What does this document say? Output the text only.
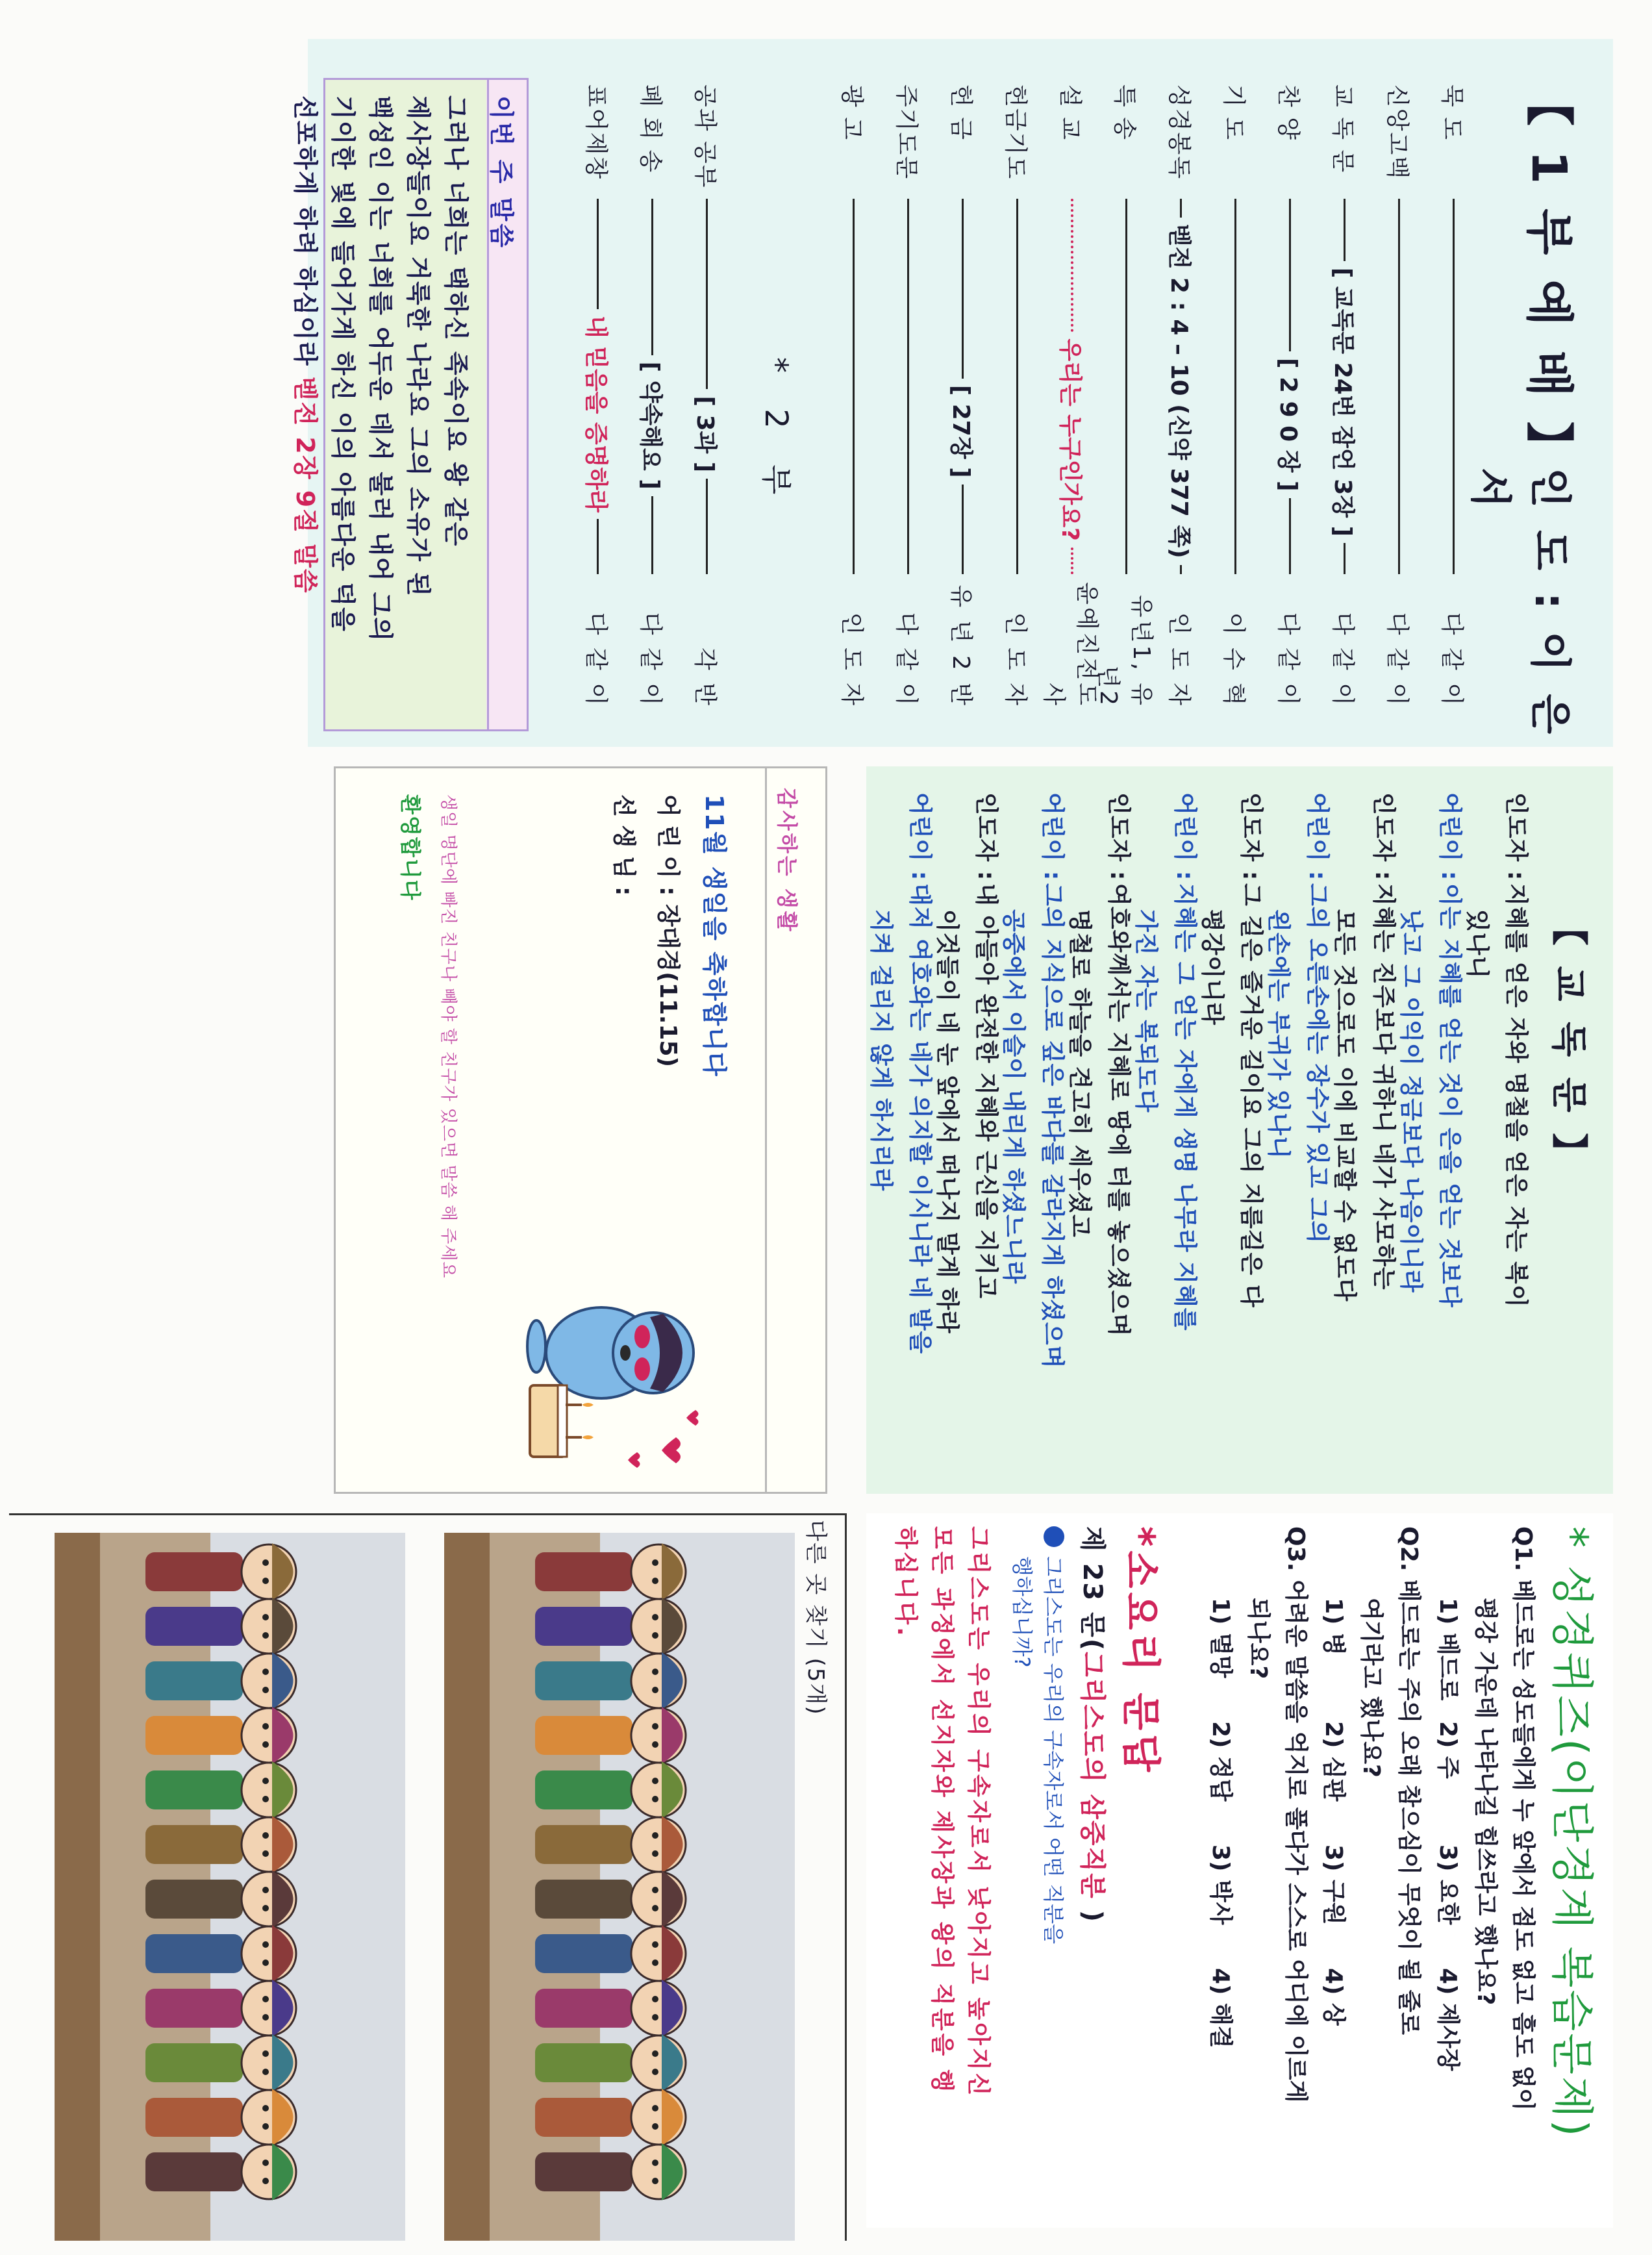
【 1 부 예 배 】
인 도 : 이 은 서
묵 도
다 같 이
신앙고백
다 같 이
교 독 문
[ 교독문 24번 잠언 3장 ]
다 같 이
찬 양
[ 2 9 0 장 ]
다 같 이
기 도
이 수 혁
성경봉독
벧전 2 : 4 – 10 (신약 377 쪽)
인 도 자
특 송
유년1, 유년2
설 교
우리는 누구인가요?
윤예진전도사
헌금기도
인 도 자
헌 금
[ 27장 ]
유 년 2 반
주기도문
다 같 이
광 고
인 도 자
* 2 부
공과 공부
[ 3과 ]
각 반
폐 회 송
[ 약속해요 ]
다 같 이
표어제창
내 믿음을 증명하라
다 같 이
이번 주 말씀
그러나 너희는 택하신 족속이요 왕 같은
제사장들이요 거룩한 나라요 그의 소유가 된
백성인 이는 너희를 어두운 데서 불러 내어 그의
기이한 빛에 들어가게 하신 이의 아름다운 덕을
선포하게 하려 하심이라 벧전 2장 9절 말씀
【 교 독 문 】
인도자 :지혜를 얻은 자와 명철을 얻은 자는 복이
있나니
어린이 :이는 지혜를 얻는 것이 은을 얻는 것보다
낫고 그 이익이 정금보다 나음이니라
인도자 :지혜는 진주보다 귀하니 네가 사모하는
모든 것으로도 이에 비교할 수 없도다
어린이 :그의 오른손에는 장수가 있고 그의
왼손에는 부귀가 있나니
인도자 :그 길은 즐거운 길이요 그의 지름길은 다
평강이니라
어린이 :지혜는 그 얻는 자에게 생명 나무라 지혜를
가진 자는 복되도다
인도자 :여호와께서는 지혜로 땅에 터를 놓으셨으며
명철로 하늘을 견고히 세우셨고
어린이 :그의 지식으로 깊은 바다를 갈라지게 하셨으며
공중에서 이슬이 내리게 하셨느니라
인도자 :내 아들아 완전한 지혜와 근신을 지키고
이것들이 네 눈 앞에서 떠나지 말게 하라
어린이 :대저 여호와는 네가 의지할 이시니라 네 발을
지켜 걸리지 않게 하시리라
감사하는 생활
11월 생일을 축하합니다
어 린 이 : 장대경(11.15)
선 생 님 :
생일 명단에 빠진 친구나 빼야 할 친구가 있으면 말씀 해 주세요
환영합니다
* 성경퀴즈(이단경계 복습문제)
Q1. 베드로는 성도들에게 누 앞에서 점도 없고 흠도 없이
평강 가운데 나타나길 힘쓰라고 했나요?
1) 베드로
2) 주
3) 요한
4) 제사장
Q2. 베드로는 주의 오래 참으심이 무엇이 될 줄로
여기라고 했나요?
1) 병
2) 심판
3) 구원
4) 상
*소요리 문답
제 23 문(그리스도의 삼중직분 )
그리스도는 우리의 구속자로서 어떤 직분을
행하십니까?
그리스도는 우리의 구속자로서 낮아지고 높아지신
모든 과정에서 선지자와 제사장과 왕의 직분을 행
하십니다.	Q3. 어려운 말씀을 억지로 풀다가 스스로 어디에 이르게
되나요?
1) 멸망
2) 정답
3) 박사
4) 해결
다른 곳 찾기 (5개)
